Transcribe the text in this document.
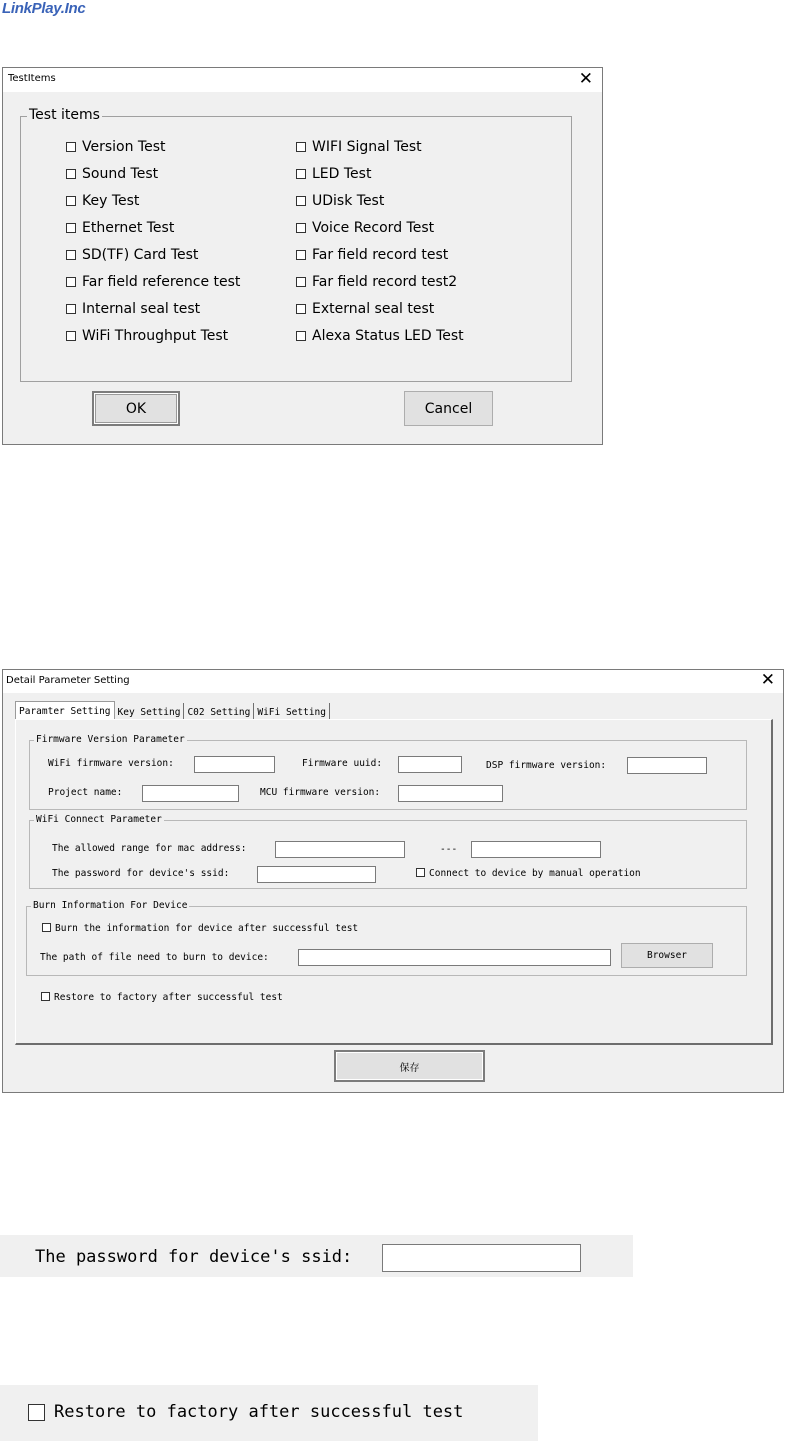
LinkPlay.Inc
TestItems	✕
Test items
Version Test
Sound Test
Key Test
Ethernet Test
SD(TF) Card Test
Far field reference test
Internal seal test
WiFi Throughput Test
WIFI Signal Test
LED Test
UDisk Test
Voice Record Test
Far field record test
Far field record test2
External seal test
Alexa Status LED Test
OK	Cancel
Detail Parameter Setting	✕
Paramter Setting Key Setting C02 Setting WiFi Setting
Firmware Version Parameter
WiFi firmware version:	Firmware uuid:	DSP firmware version:
Project name:	MCU firmware version:
WiFi Connect Parameter
The allowed range for mac address:	---
The password for device's ssid:	Connect to device by manual operation
Burn Information For Device
Burn the information for device after successful test
The path of file need to burn to device:	Browser
Restore to factory after successful test
保存
The password for device's ssid:
Restore to factory after successful test
